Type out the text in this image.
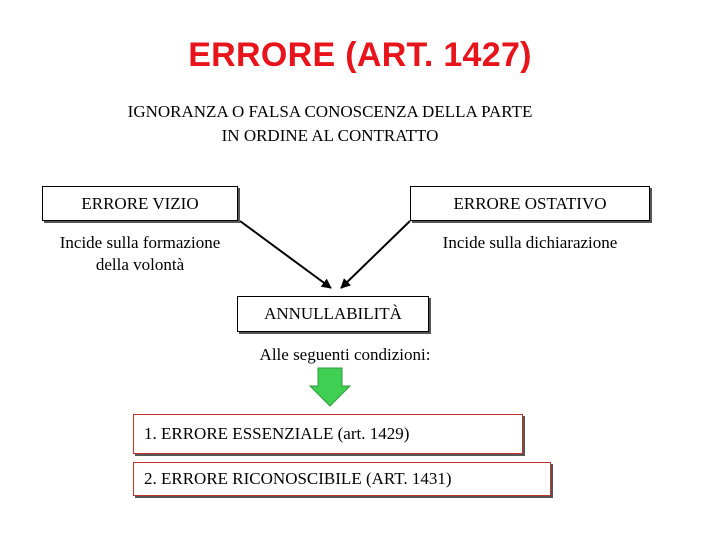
ERRORE (ART. 1427)
IGNORANZA O FALSA CONOSCENZA DELLA PARTE
IN ORDINE AL CONTRATTO
ERRORE VIZIO	ERRORE OSTATIVO
Incide sulla formazione
della volontà
Incide sulla dichiarazione
ANNULLABILITÀ
Alle seguenti condizioni:
1. ERRORE ESSENZIALE (art. 1429)
2. ERRORE RICONOSCIBILE (ART. 1431)
